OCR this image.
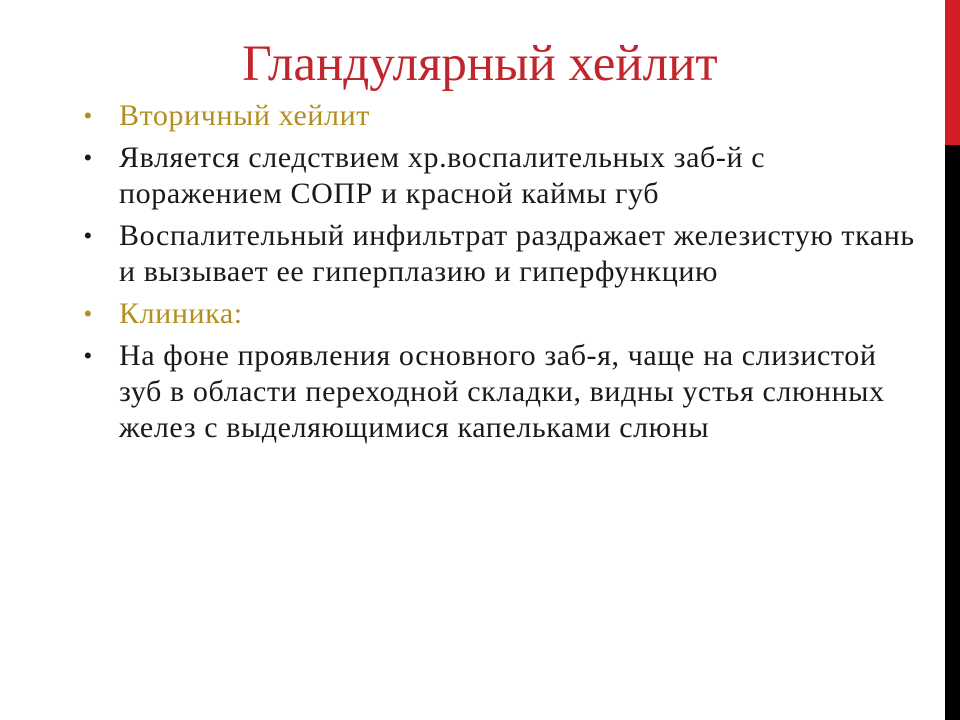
Гландулярный хейлит
• Вторичный хейлит
• Является следствием хр.воспалительных заб-й с поражением СОПР и красной каймы губ
• Воспалительный инфильтрат раздражает железистую ткань и вызывает ее гиперплазию и гиперфункцию
• Клиника:
• На фоне проявления основного заб-я, чаще на слизистой зуб в области переходной складки, видны устья слюнных желез с выделяющимися капельками слюны
